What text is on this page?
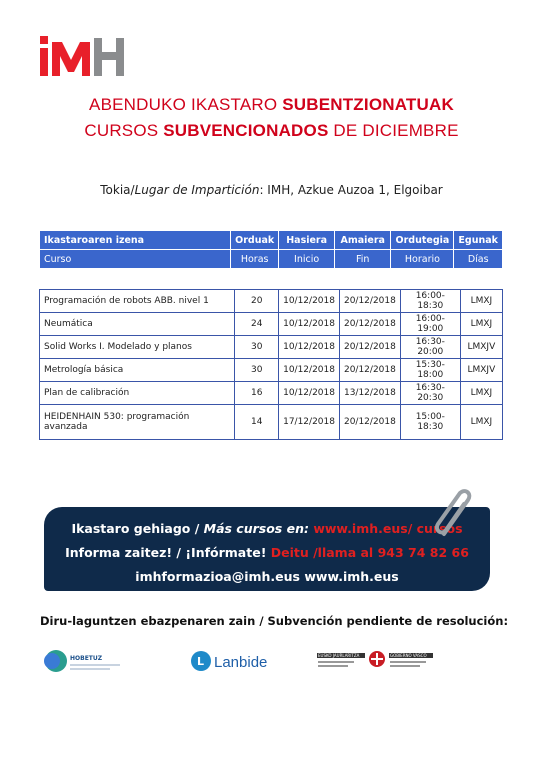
ABENDUKO IKASTARO SUBENTZIONATUAK
CURSOS SUBVENCIONADOS DE DICIEMBRE
Tokia/Lugar de Impartición: IMH, Azkue Auzoa 1, Elgoibar
Ikastaroaren izena	Orduak	Hasiera	Amaiera	Ordutegia	Egunak
Curso	Horas	Inicio	Fin	Horario	Días
Programación de robots ABB. nivel 1	20	10/12/2018	20/12/2018	16:00-18:30	LMXJ
Neumática	24	10/12/2018	20/12/2018	16:00-19:00	LMXJ
Solid Works I. Modelado y planos	30	10/12/2018	20/12/2018	16:30-20:00	LMXJV
Metrología básica	30	10/12/2018	20/12/2018	15:30-18:00	LMXJV
Plan de calibración	16	10/12/2018	13/12/2018	16:30-20:30	LMXJ
HEIDENHAIN 530: programación avanzada	14	17/12/2018	20/12/2018	15:00-18:30	LMXJ
Ikastaro gehiago / Más cursos en: www.imh.eus/ cursos
Informa zaitez! / ¡Infórmate! Deitu /llama al 943 74 82 66
imhformazioa@imh.eus www.imh.eus
Diru-laguntzen ebazpenaren zain / Subvención pendiente de resolución:
HOBETUZ	L Lanbide	EUSKO JAURLARITZA	GOBIERNO VASCO
